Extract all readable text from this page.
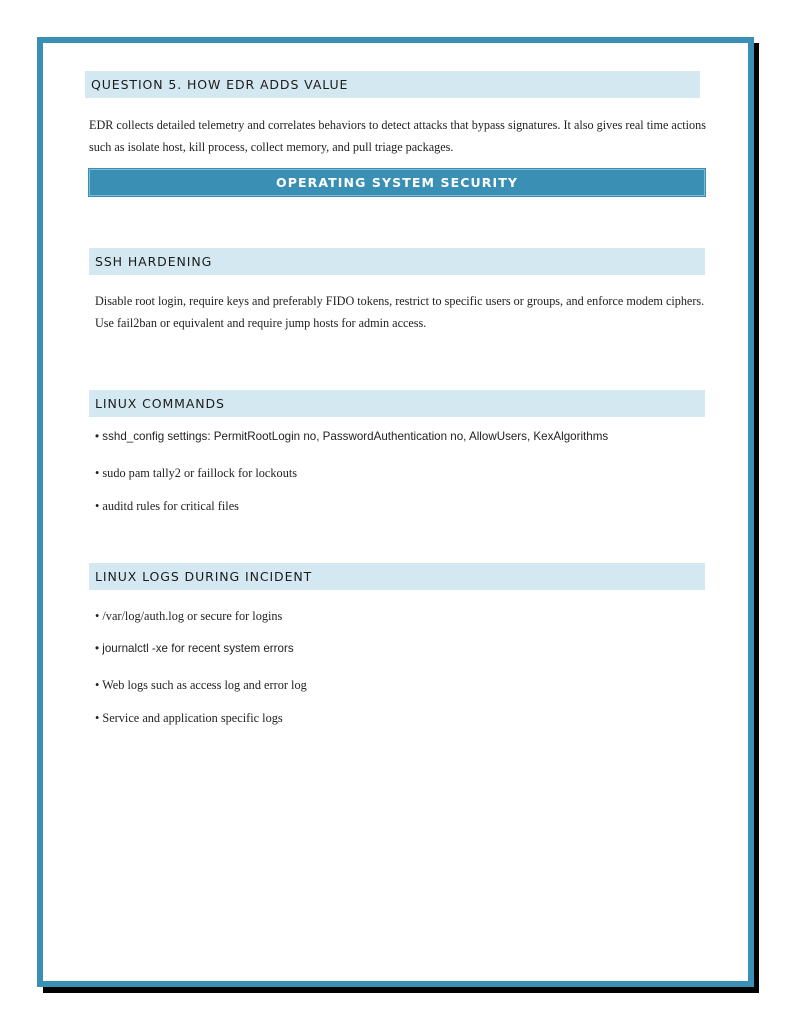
QUESTION 5. HOW EDR ADDS VALUE

EDR collects detailed telemetry and correlates behaviors to detect attacks that bypass signatures. It also gives real time actions such as isolate host, kill process, collect memory, and pull triage packages.

OPERATING SYSTEM SECURITY
SSH HARDENING

Disable root login, require keys and preferably FIDO tokens, restrict to specific users or groups, and enforce modem ciphers. Use fail2ban or equivalent and require jump hosts for admin access.

LINUX COMMANDS
• sshd_config settings: PermitRootLogin no, PasswordAuthentication no, AllowUsers, KexAlgorithms
• sudo pam tally2 or faillock for lockouts
• auditd rules for critical files
LINUX LOGS DURING INCIDENT
• /var/log/auth.log or secure for logins
• journalctl -xe for recent system errors
• Web logs such as access log and error log
• Service and application specific logs
